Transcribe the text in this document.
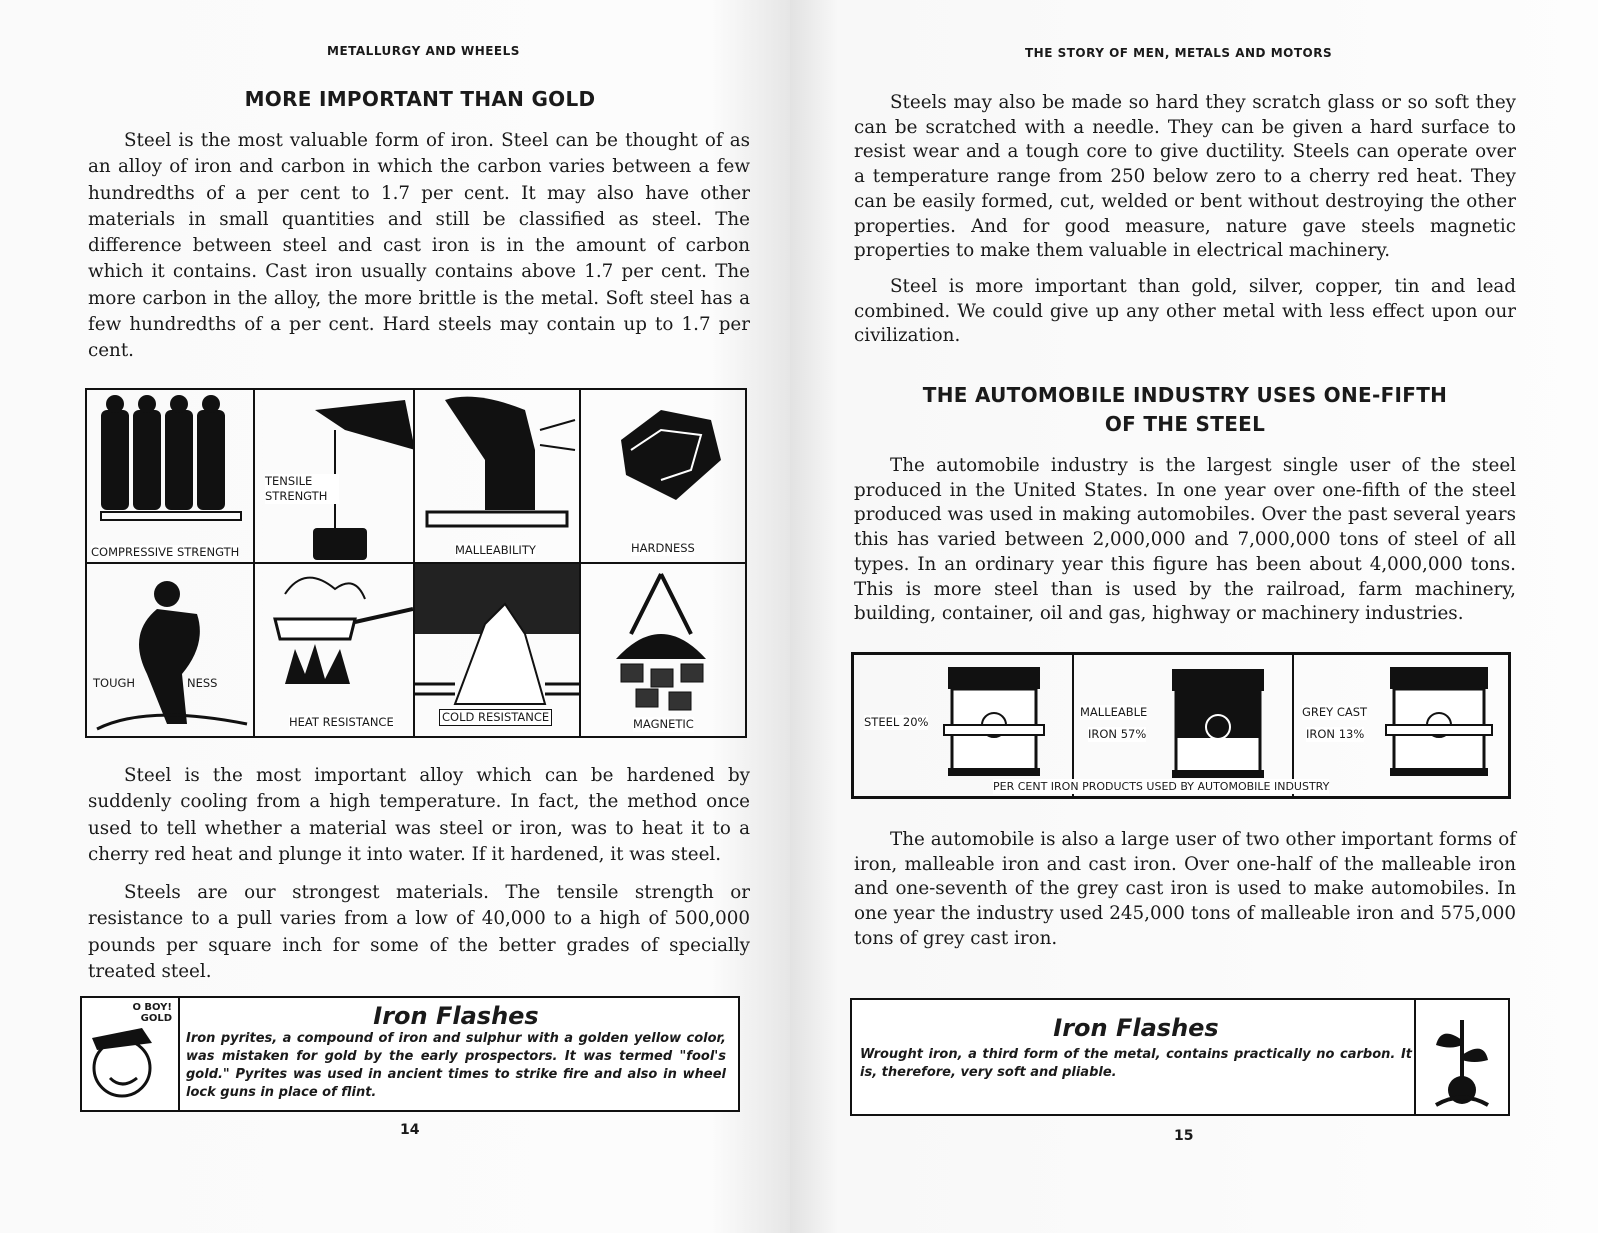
METALLURGY AND WHEELS
MORE IMPORTANT THAN GOLD

Steel is the most valuable form of iron. Steel can be thought of as an alloy of iron and carbon in which the carbon varies between a few hundredths of a per cent to 1.7 per cent. It may also have other materials in small quantities and still be classified as steel. The difference between steel and cast iron is in the amount of carbon which it contains. Cast iron usually contains above 1.7 per cent. The more carbon in the alloy, the more brittle is the metal. Soft steel has a few hundredths of a per cent. Hard steels may contain up to 1.7 per cent.

COMPRESSIVE STRENGTH
TENSILE STRENGTH
MALLEABILITY	HARDNESS
TOUGH	NESS
HEAT RESISTANCE	COLD RESISTANCE	MAGNETIC

Steel is the most important alloy which can be hardened by suddenly cooling from a high temperature. In fact, the method once used to tell whether a material was steel or iron, was to heat it to a cherry red heat and plunge it into water. If it hardened, it was steel.

Steels are our strongest materials. The tensile strength or resistance to a pull varies from a low of 40,000 to a high of 500,000 pounds per square inch for some of the better grades of specially treated steel.

O BOY! GOLD	Iron Flashes

Iron pyrites, a compound of iron and sulphur with a golden yellow color, was mistaken for gold by the early prospectors. It was termed "fool's gold." Pyrites was used in ancient times to strike fire and also in wheel lock guns in place of flint.

14
THE STORY OF MEN, METALS AND MOTORS

Steels may also be made so hard they scratch glass or so soft they can be scratched with a needle. They can be given a hard surface to resist wear and a tough core to give ductility. Steels can operate over a temperature range from 250 below zero to a cherry red heat. They can be easily formed, cut, welded or bent without destroying the other properties. And for good measure, nature gave steels magnetic properties to make them valuable in electrical machinery.

Steel is more important than gold, silver, copper, tin and lead combined. We could give up any other metal with less effect upon our civilization.

THE AUTOMOBILE INDUSTRY USES ONE-FIFTH
OF THE STEEL

The automobile industry is the largest single user of the steel produced in the United States. In one year over one-fifth of the steel produced was used in making automobiles. Over the past several years this has varied between 2,000,000 and 7,000,000 tons of steel of all types. In an ordinary year this figure has been about 4,000,000 tons. This is more steel than is used by the railroad, farm machinery, building, container, oil and gas, highway or machinery industries.

STEEL 20%
MALLEABLE
IRON 57%
GREY CAST
IRON 13%
PER CENT IRON PRODUCTS USED BY AUTOMOBILE INDUSTRY

The automobile is also a large user of two other important forms of iron, malleable iron and cast iron. Over one-half of the malleable iron and one-seventh of the grey cast iron is used to make automobiles. In one year the industry used 245,000 tons of malleable iron and 575,000 tons of grey cast iron.

Iron Flashes

Wrought iron, a third form of the metal, contains practically no carbon. It is, therefore, very soft and pliable.

15
